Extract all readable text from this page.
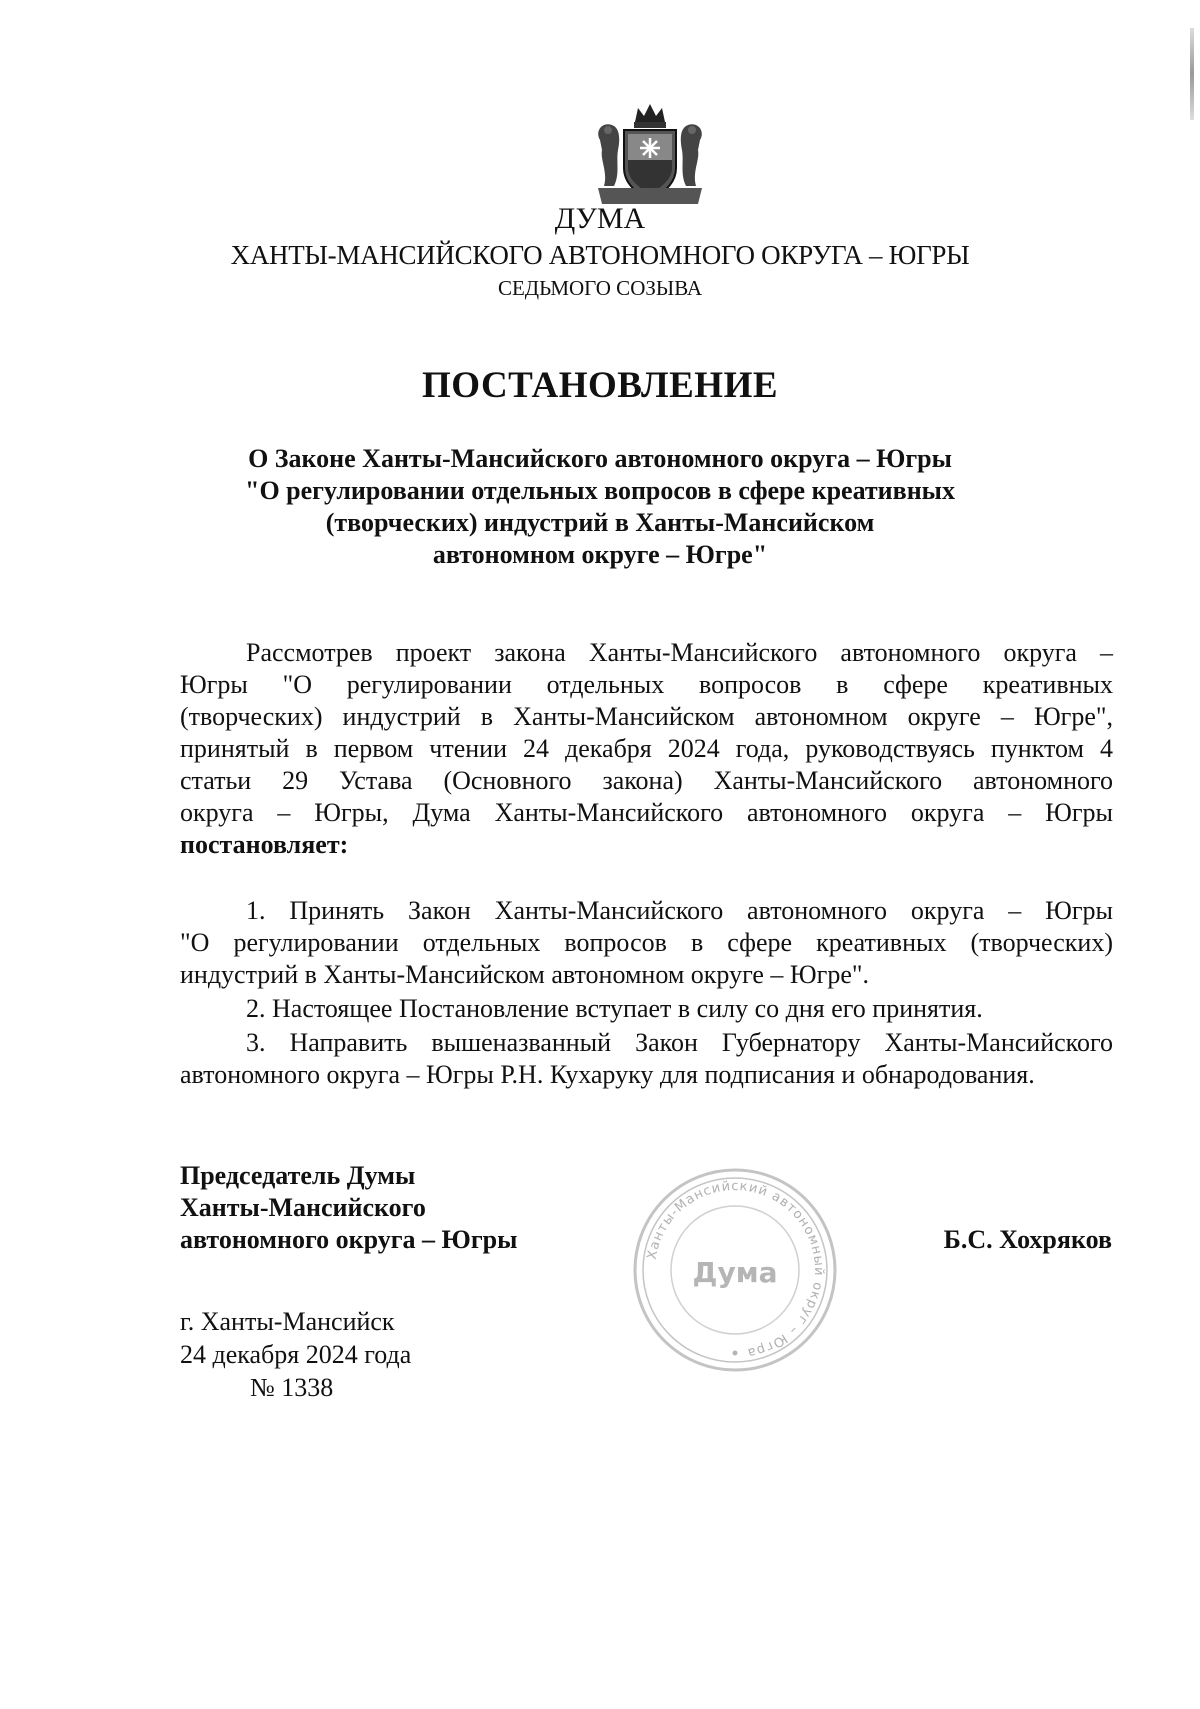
ДУМА
ХАНТЫ-МАНСИЙСКОГО АВТОНОМНОГО ОКРУГА – ЮГРЫ
СЕДЬМОГО СОЗЫВА
ПОСТАНОВЛЕНИЕ
О Законе Ханты-Мансийского автономного округа – Югры
"О регулировании отдельных вопросов в сфере креативных
(творческих) индустрий в Ханты-Мансийском
автономном округе – Югре"
Рассмотрев проект закона Ханты-Мансийского автономного округа –
Югры "О регулировании отдельных вопросов в сфере креативных
(творческих) индустрий в Ханты-Мансийском автономном округе – Югре",
принятый в первом чтении 24 декабря 2024 года, руководствуясь пунктом 4
статьи 29 Устава (Основного закона) Ханты-Мансийского автономного
округа – Югры, Дума Ханты-Мансийского автономного округа – Югры
постановляет:
1. Принять Закон Ханты-Мансийского автономного округа – Югры
"О регулировании отдельных вопросов в сфере креативных (творческих)
индустрий в Ханты-Мансийском автономном округе – Югре".
2. Настоящее Постановление вступает в силу со дня его принятия.
3. Направить вышеназванный Закон Губернатору Ханты-Мансийского
автономного округа – Югры Р.Н. Кухаруку для подписания и обнародования.
Ханты-Мансийский автономный округ – Югра
Дума
Председатель Думы
Ханты-Мансийского
автономного округа – Югры	Б.С. Хохряков
г. Ханты-Мансийск
24 декабря 2024 года
№ 1338
